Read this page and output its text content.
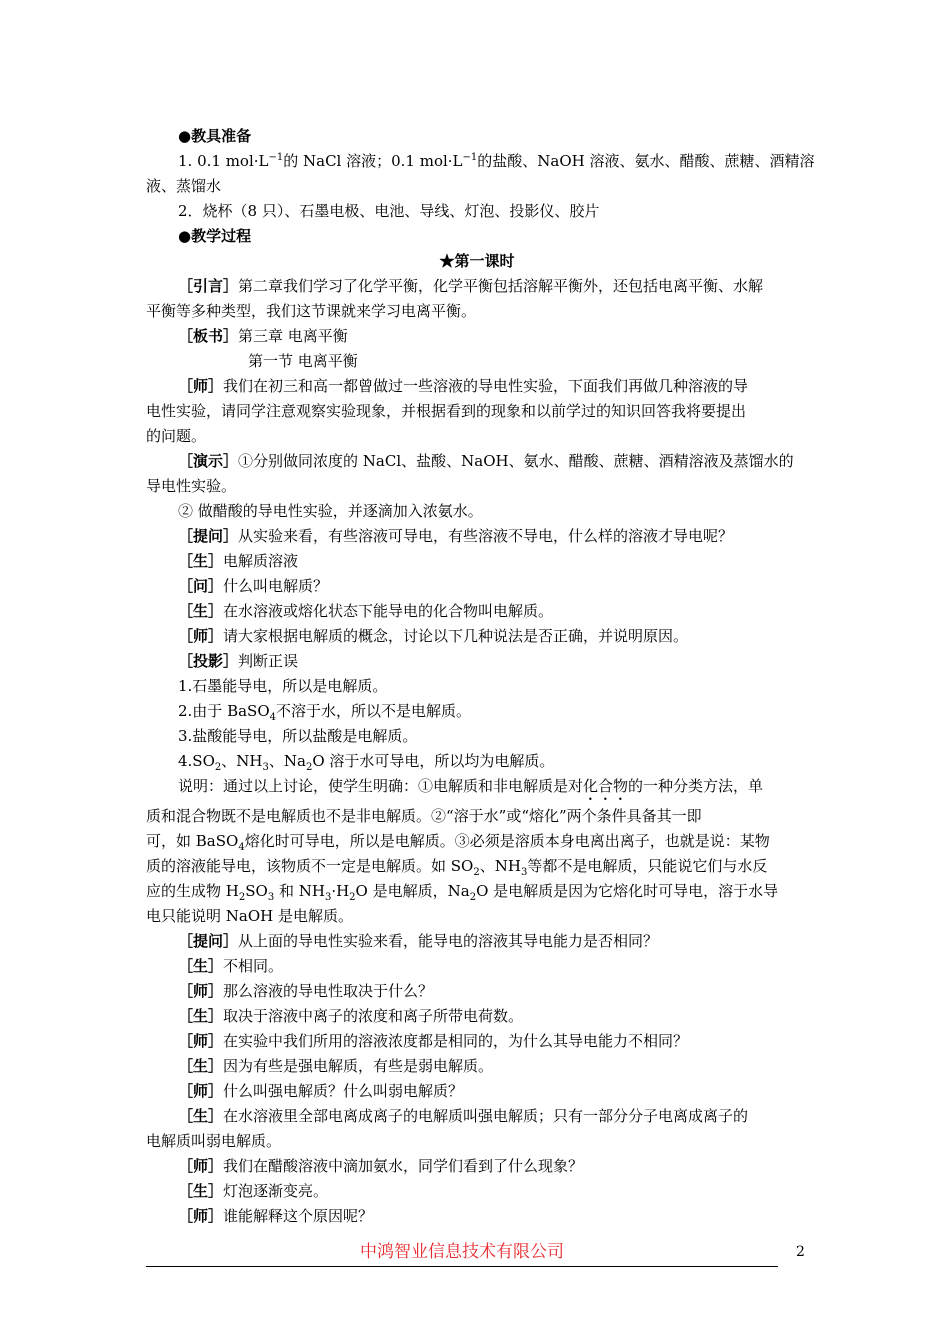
●教具准备
1. 0.1 $mol\cdot L^{-1}$的 NaCl 溶液；0.1 $mol\cdot L^{-1}$的盐酸、NaOH 溶液、氨水、醋酸、蔗糖、酒精溶
液、蒸馏水
2．烧杯（8 只）、石墨电极、电池、导线、灯泡、投影仪、胶片
●教学过程
★第一课时
［引言］第二章我们学习了化学平衡，化学平衡包括溶解平衡外，还包括电离平衡、水解
平衡等多种类型，我们这节课就来学习电离平衡。
［板书］第三章 电离平衡
第一节 电离平衡
［师］我们在初三和高一都曾做过一些溶液的导电性实验，下面我们再做几种溶液的导
电性实验，请同学注意观察实验现象，并根据看到的现象和以前学过的知识回答我将要提出
的问题。
［演示］①分别做同浓度的 NaCl、盐酸、NaOH、氨水、醋酸、蔗糖、酒精溶液及蒸馏水的
导电性实验。
② 做醋酸的导电性实验，并逐滴加入浓氨水。
［提问］从实验来看，有些溶液可导电，有些溶液不导电，什么样的溶液才导电呢？
［生］电解质溶液
［问］什么叫电解质？
［生］在水溶液或熔化状态下能导电的化合物叫电解质。
［师］请大家根据电解质的概念，讨论以下几种说法是否正确，并说明原因。
［投影］判断正误
1.石墨能导电，所以是电解质。
2.由于 BaSO$_4$不溶于水，所以不是电解质。
3.盐酸能导电，所以盐酸是电解质。
$4.SO_2$、$NH_3$、$Na_2O$ 溶于水可导电，所以均为电解质。
说明：通过以上讨论，使学生明确：①电解质和非电解质是对化合物的一种分类方法，单
质和混合物既不是电解质也不是非电解质。②“溶于水”或“熔化”两个条件具备其一即
可，如 BaSO$_4$熔化时可导电，所以是电解质。③必须是溶质本身电离出离子，也就是说：某物
质的溶液能导电，该物质不一定是电解质。如 $SO_2$、$NH_3$等都不是电解质，只能说它们与水反
应的生成物 $H_2SO_3$ 和 $NH_3\cdot H_2O$ 是电解质，$Na_2O$ 是电解质是因为它熔化时可导电，溶于水导
电只能说明 NaOH 是电解质。
［提问］从上面的导电性实验来看，能导电的溶液其导电能力是否相同？
［生］不相同。
［师］那么溶液的导电性取决于什么？
［生］取决于溶液中离子的浓度和离子所带电荷数。
［师］在实验中我们所用的溶液浓度都是相同的，为什么其导电能力不相同？
［生］因为有些是强电解质，有些是弱电解质。
［师］什么叫强电解质？什么叫弱电解质？
［生］在水溶液里全部电离成离子的电解质叫强电解质；只有一部分分子电离成离子的
电解质叫弱电解质。
［师］我们在醋酸溶液中滴加氨水，同学们看到了什么现象？
［生］灯泡逐渐变亮。
［师］谁能解释这个原因呢？
中鸿智业信息技术有限公司	2
